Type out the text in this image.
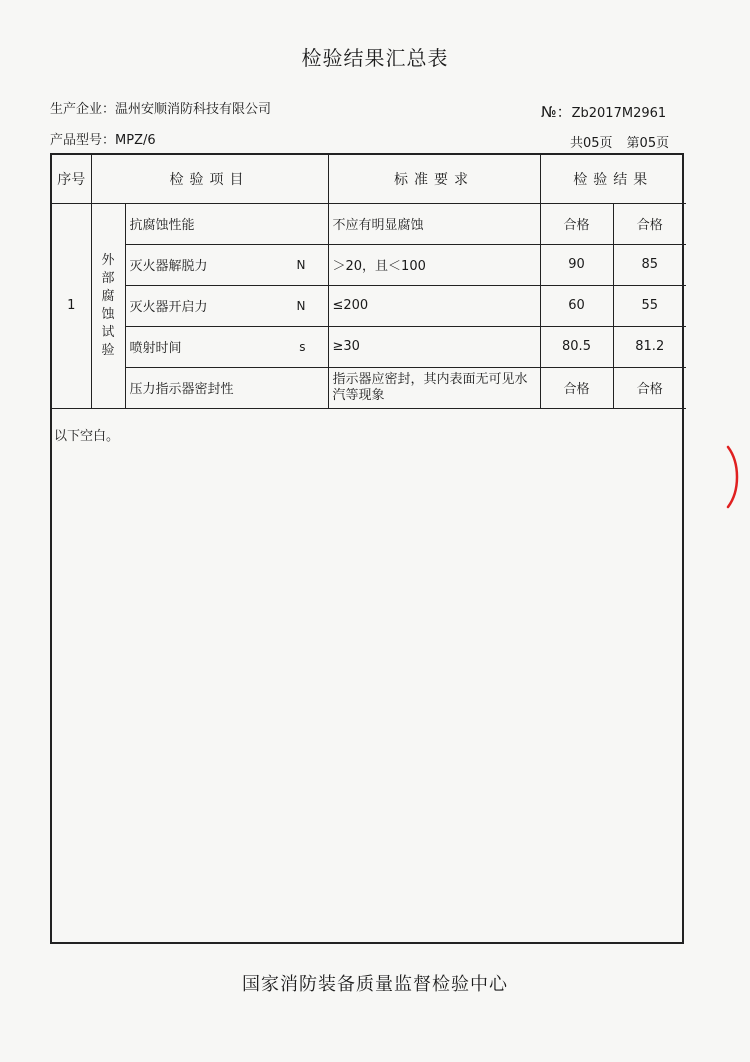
检验结果汇总表
生产企业：温州安顺消防科技有限公司	№：Zb2017M2961
产品型号：MPZ/6	共05页 第05页
序号	检验项目		标准要求	检验结果	
1	外部腐蚀试验	抗腐蚀性能	不应有明显腐蚀	合格	合格
		灭火器解脱力 N	＞20，且＜100	90	85
		灭火器开启力 N	≤200	60	55
		喷射时间 s	≥30	80.5	81.2
		压力指示器密封性	指示器应密封，其内表面无可见水汽等现象	合格	合格
以下空白。
国家消防装备质量监督检验中心
